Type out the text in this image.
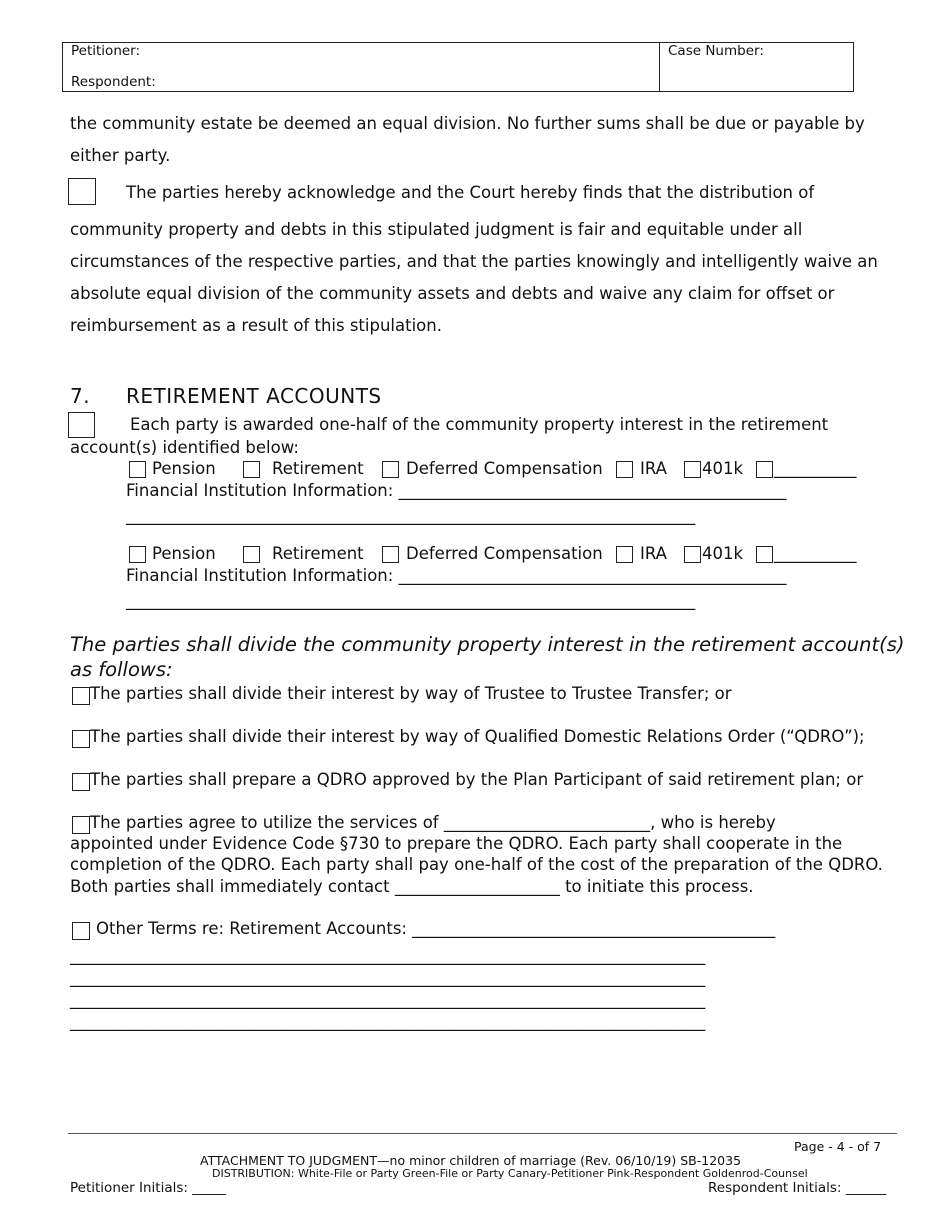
Petitioner:
Respondent:
Case Number:
the community estate be deemed an equal division. No further sums shall be due or payable by
either party.
The parties hereby acknowledge and the Court hereby finds that the distribution of
community property and debts in this stipulated judgment is fair and equitable under all
circumstances of the respective parties, and that the parties knowingly and intelligently waive an
absolute equal division of the community assets and debts and waive any claim for offset or
reimbursement as a result of this stipulation.
7. RETIREMENT ACCOUNTS
Each party is awarded one-half of the community property interest in the retirement
account(s) identified below:
Pension	Retirement	Deferred Compensation IRA 401k __________
Financial Institution Information: _______________________________________________
_____________________________________________________________________
Pension	Retirement	Deferred Compensation IRA 401k __________
Financial Institution Information: _______________________________________________
_____________________________________________________________________
The parties shall divide the community property interest in the retirement account(s)
as follows:
The parties shall divide their interest by way of Trustee to Trustee Transfer; or
The parties shall divide their interest by way of Qualified Domestic Relations Order (“QDRO”);
The parties shall prepare a QDRO approved by the Plan Participant of said retirement plan; or
The parties agree to utilize the services of _________________________, who is hereby
appointed under Evidence Code §730 to prepare the QDRO. Each party shall cooperate in the
completion of the QDRO. Each party shall pay one-half of the cost of the preparation of the QDRO.
Both parties shall immediately contact ____________________ to initiate this process.
Other Terms re: Retirement Accounts: ____________________________________________
_____________________________________________________________________________
_____________________________________________________________________________
_____________________________________________________________________________
_____________________________________________________________________________
Page - 4 - of 7
ATTACHMENT TO JUDGMENT—no minor children of marriage (Rev. 06/10/19) SB-12035
DISTRIBUTION: White-File or Party Green-File or Party Canary-Petitioner Pink-Respondent Goldenrod-Counsel
Petitioner Initials: _____	Respondent Initials: ______
